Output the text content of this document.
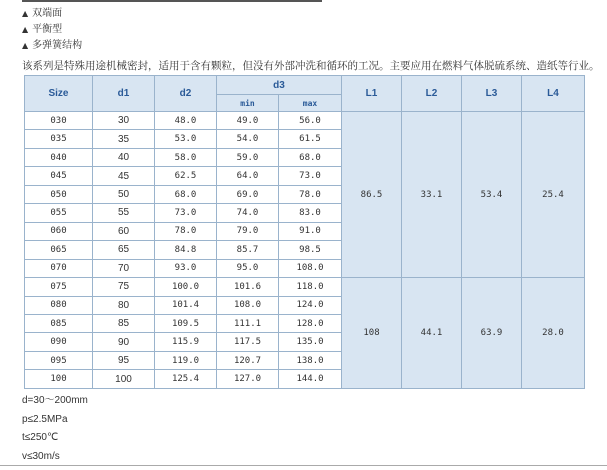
▲ 双端面
▲ 平衡型
▲ 多弹簧结构
该系列是特殊用途机械密封，适用于含有颗粒，但没有外部冲洗和循环的工况。主要应用在燃料气体脱硫系统、造纸等行业。
Size	d1	d2	d3		L1	L2	L3	L4
			min	max				
030	30	48.0	49.0	56.0	86.5	33.1	53.4	25.4
035	35	53.0	54.0	61.5				
040	40	58.0	59.0	68.0				
045	45	62.5	64.0	73.0				
050	50	68.0	69.0	78.0				
055	55	73.0	74.0	83.0				
060	60	78.0	79.0	91.0				
065	65	84.8	85.7	98.5				
070	70	93.0	95.0	108.0				
075	75	100.0	101.6	118.0	108	44.1	63.9	28.0
080	80	101.4	108.0	124.0				
085	85	109.5	111.1	128.0				
090	90	115.9	117.5	135.0				
095	95	119.0	120.7	138.0				
100	100	125.4	127.0	144.0				
d=30～200mm
p≤2.5MPa
t≤250℃
v≤30m/s
